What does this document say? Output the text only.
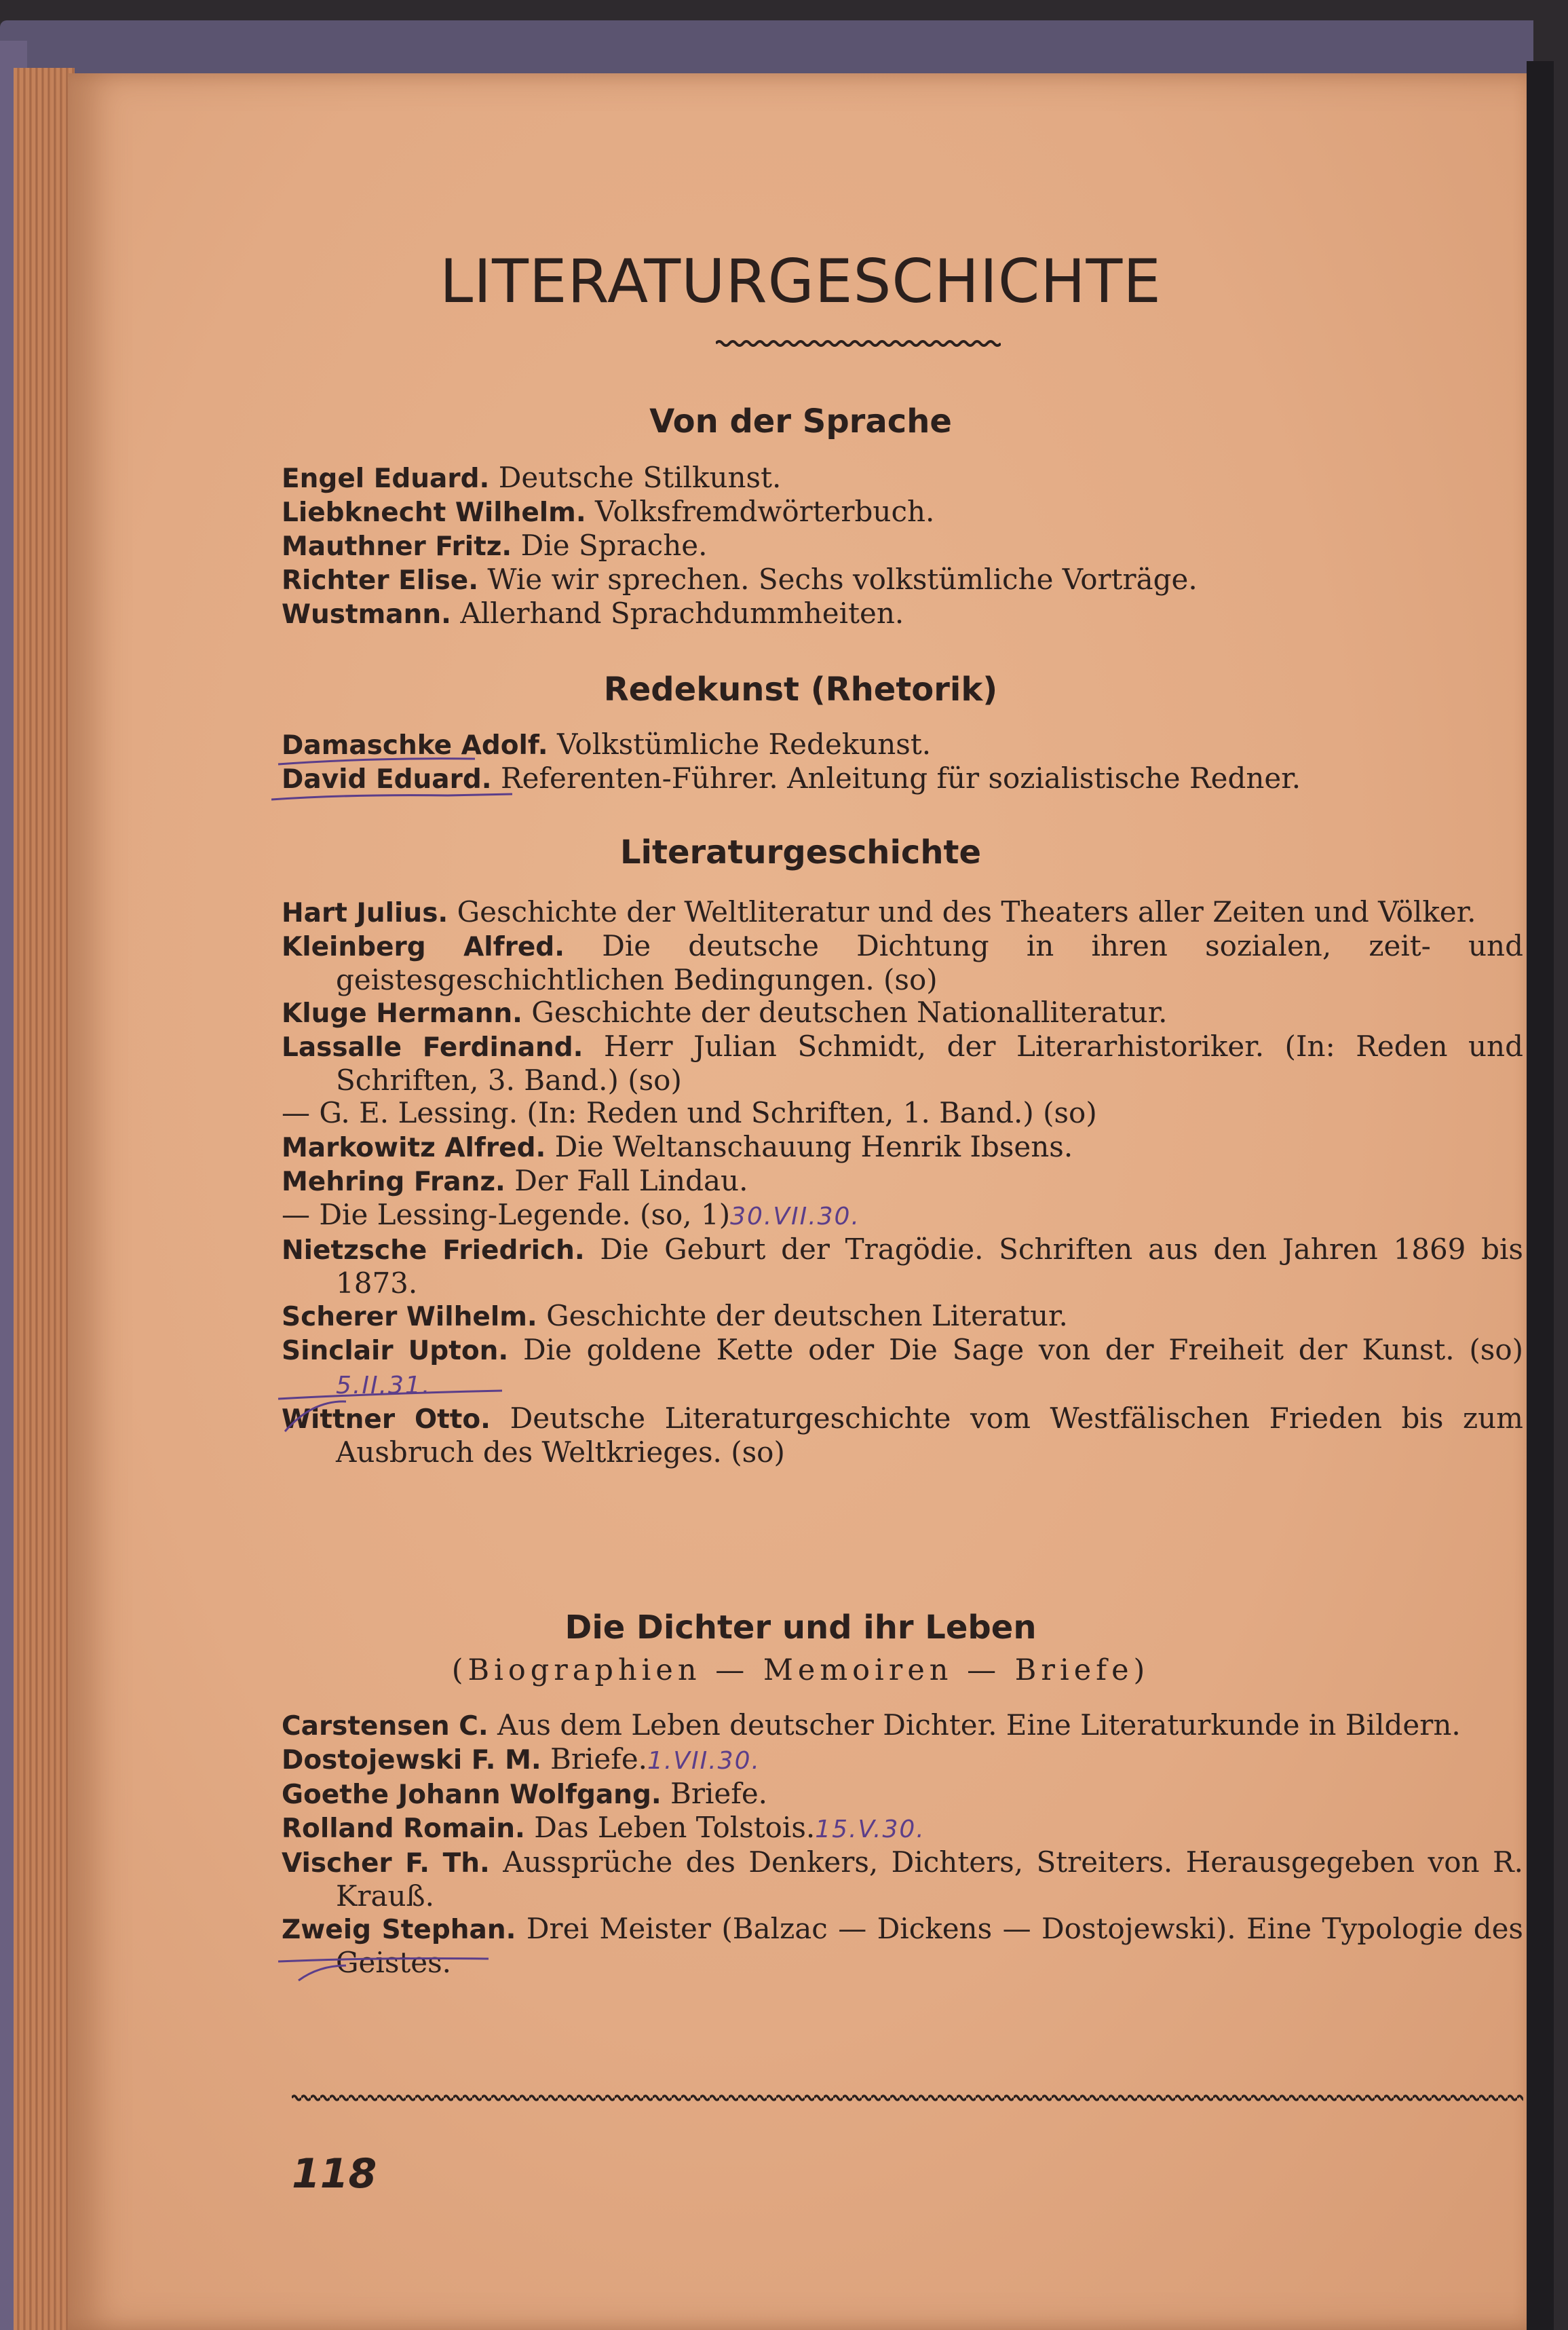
LITERATURGESCHICHTE
Von der Sprache
Engel Eduard. Deutsche Stilkunst.
Liebknecht Wilhelm. Volksfremdwörterbuch.
Mauthner Fritz. Die Sprache.
Richter Elise. Wie wir sprechen. Sechs volkstümliche Vorträge.
Wustmann. Allerhand Sprachdummheiten.
Redekunst (Rhetorik)
Damaschke Adolf. Volkstümliche Redekunst.
David Eduard. Referenten-Führer. Anleitung für sozialistische Redner.
Literaturgeschichte
Hart Julius. Geschichte der Weltliteratur und des Theaters aller Zeiten und Völker.
Kleinberg Alfred. Die deutsche Dichtung in ihren sozialen, zeit- und geistesgeschichtlichen Bedingungen. (so)
Kluge Hermann. Geschichte der deutschen Nationalliteratur.
Lassalle Ferdinand. Herr Julian Schmidt, der Literarhistoriker. (In: Reden und Schriften, 3. Band.) (so)
— G. E. Lessing. (In: Reden und Schriften, 1. Band.) (so)
Markowitz Alfred. Die Weltanschauung Henrik Ibsens.
Mehring Franz. Der Fall Lindau.
— Die Lessing-Legende. (so, 1)30.VII.30.
Nietzsche Friedrich. Die Geburt der Tragödie. Schriften aus den Jahren 1869 bis 1873.
Scherer Wilhelm. Geschichte der deutschen Literatur.
Sinclair Upton. Die goldene Kette oder Die Sage von der Freiheit der Kunst. (so) 5.II.31.
Wittner Otto. Deutsche Literaturgeschichte vom Westfälischen Frieden bis zum Ausbruch des Weltkrieges. (so)
Die Dichter und ihr Leben
(Biographien — Memoiren — Briefe)
Carstensen C. Aus dem Leben deutscher Dichter. Eine Literaturkunde in Bildern.
Dostojewski F. M. Briefe.1.VII.30.
Goethe Johann Wolfgang. Briefe.
Rolland Romain. Das Leben Tolstois.15.V.30.
Vischer F. Th. Aussprüche des Denkers, Dichters, Streiters. Herausgegeben von R. Krauß.
Zweig Stephan. Drei Meister (Balzac — Dickens — Dostojewski). Eine Typologie des Geistes.
118
